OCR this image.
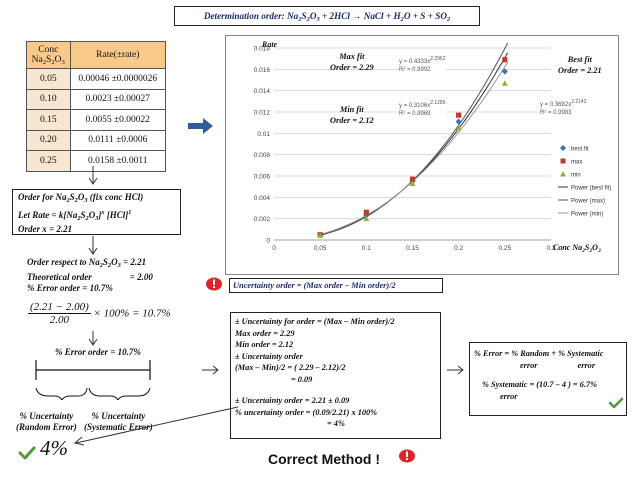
Determination order: $Na_2S_2O_3 + 2HCl$ → NaCl + $H_2O + S + SO_2$
Conc
$Na_2S_2O_3$	Rate(±rate)
0.05	0.00046 ±0.0000026
0.10	0.0023 ±0.00027
0.15	0.0055 ±0.00022
0.20	0.0111 ±0.0006
0.25	0.0158 ±0.0011
0
0.002
0.004
0.006
0.008
0.01
0.012
0.014
0.016
0.018
0	0.05	0.1	0.15	0.2	0.25	0.3
best fit
max
min
Power (best fit)
Power (max)
Power (min)
Rate
Conc $Na_2S_2O_3$
Max fit
Order = 2.29
Min fit
Order = 2.12
Best fit
Order = 2.21
$y = 0.4333x^{2.2962}$
R² = 0.9992
$y = 0.3106x^{2.1285}$
R² = 0.9969
$y = 0.3682x^{2.2142}$
R² = 0.9983
Order for $Na_2S_2O_3$ (fix conc HCl)
Let Rate = $k[Na_2S_2O_3]^x$ [HCl]$^1$
Order x = 2.21
Order respect to $Na_2S_2O_3 = 2.21$
Theoretical order	= 2.00
% Error order = 10.7%
$\frac{(2.21 - 2.00)}{2.00} \times 100\% = 10.7\%$
% Error order = 10.7%
% Uncertainty
(Random Error)
% Uncertainty
(Systematic Error)
4%
Uncertainty order = (Max order – Min order)/2
± Uncertainty for order = (Max – Min order)/2
Max order = 2.29
Min order = 2.12
± Uncertainty order
(Max – Min)/2 = ( 2.29 – 2.12)/2
= 0.09
± Uncertainty order = 2.21 ± 0.09
% uncertainty order = (0.09/2.21) x 100%
= 4%
% Error = % Random + % Systematic
error	error
% Systematic = (10.7 – 4 ) = 6.7%
error
Correct Method !
